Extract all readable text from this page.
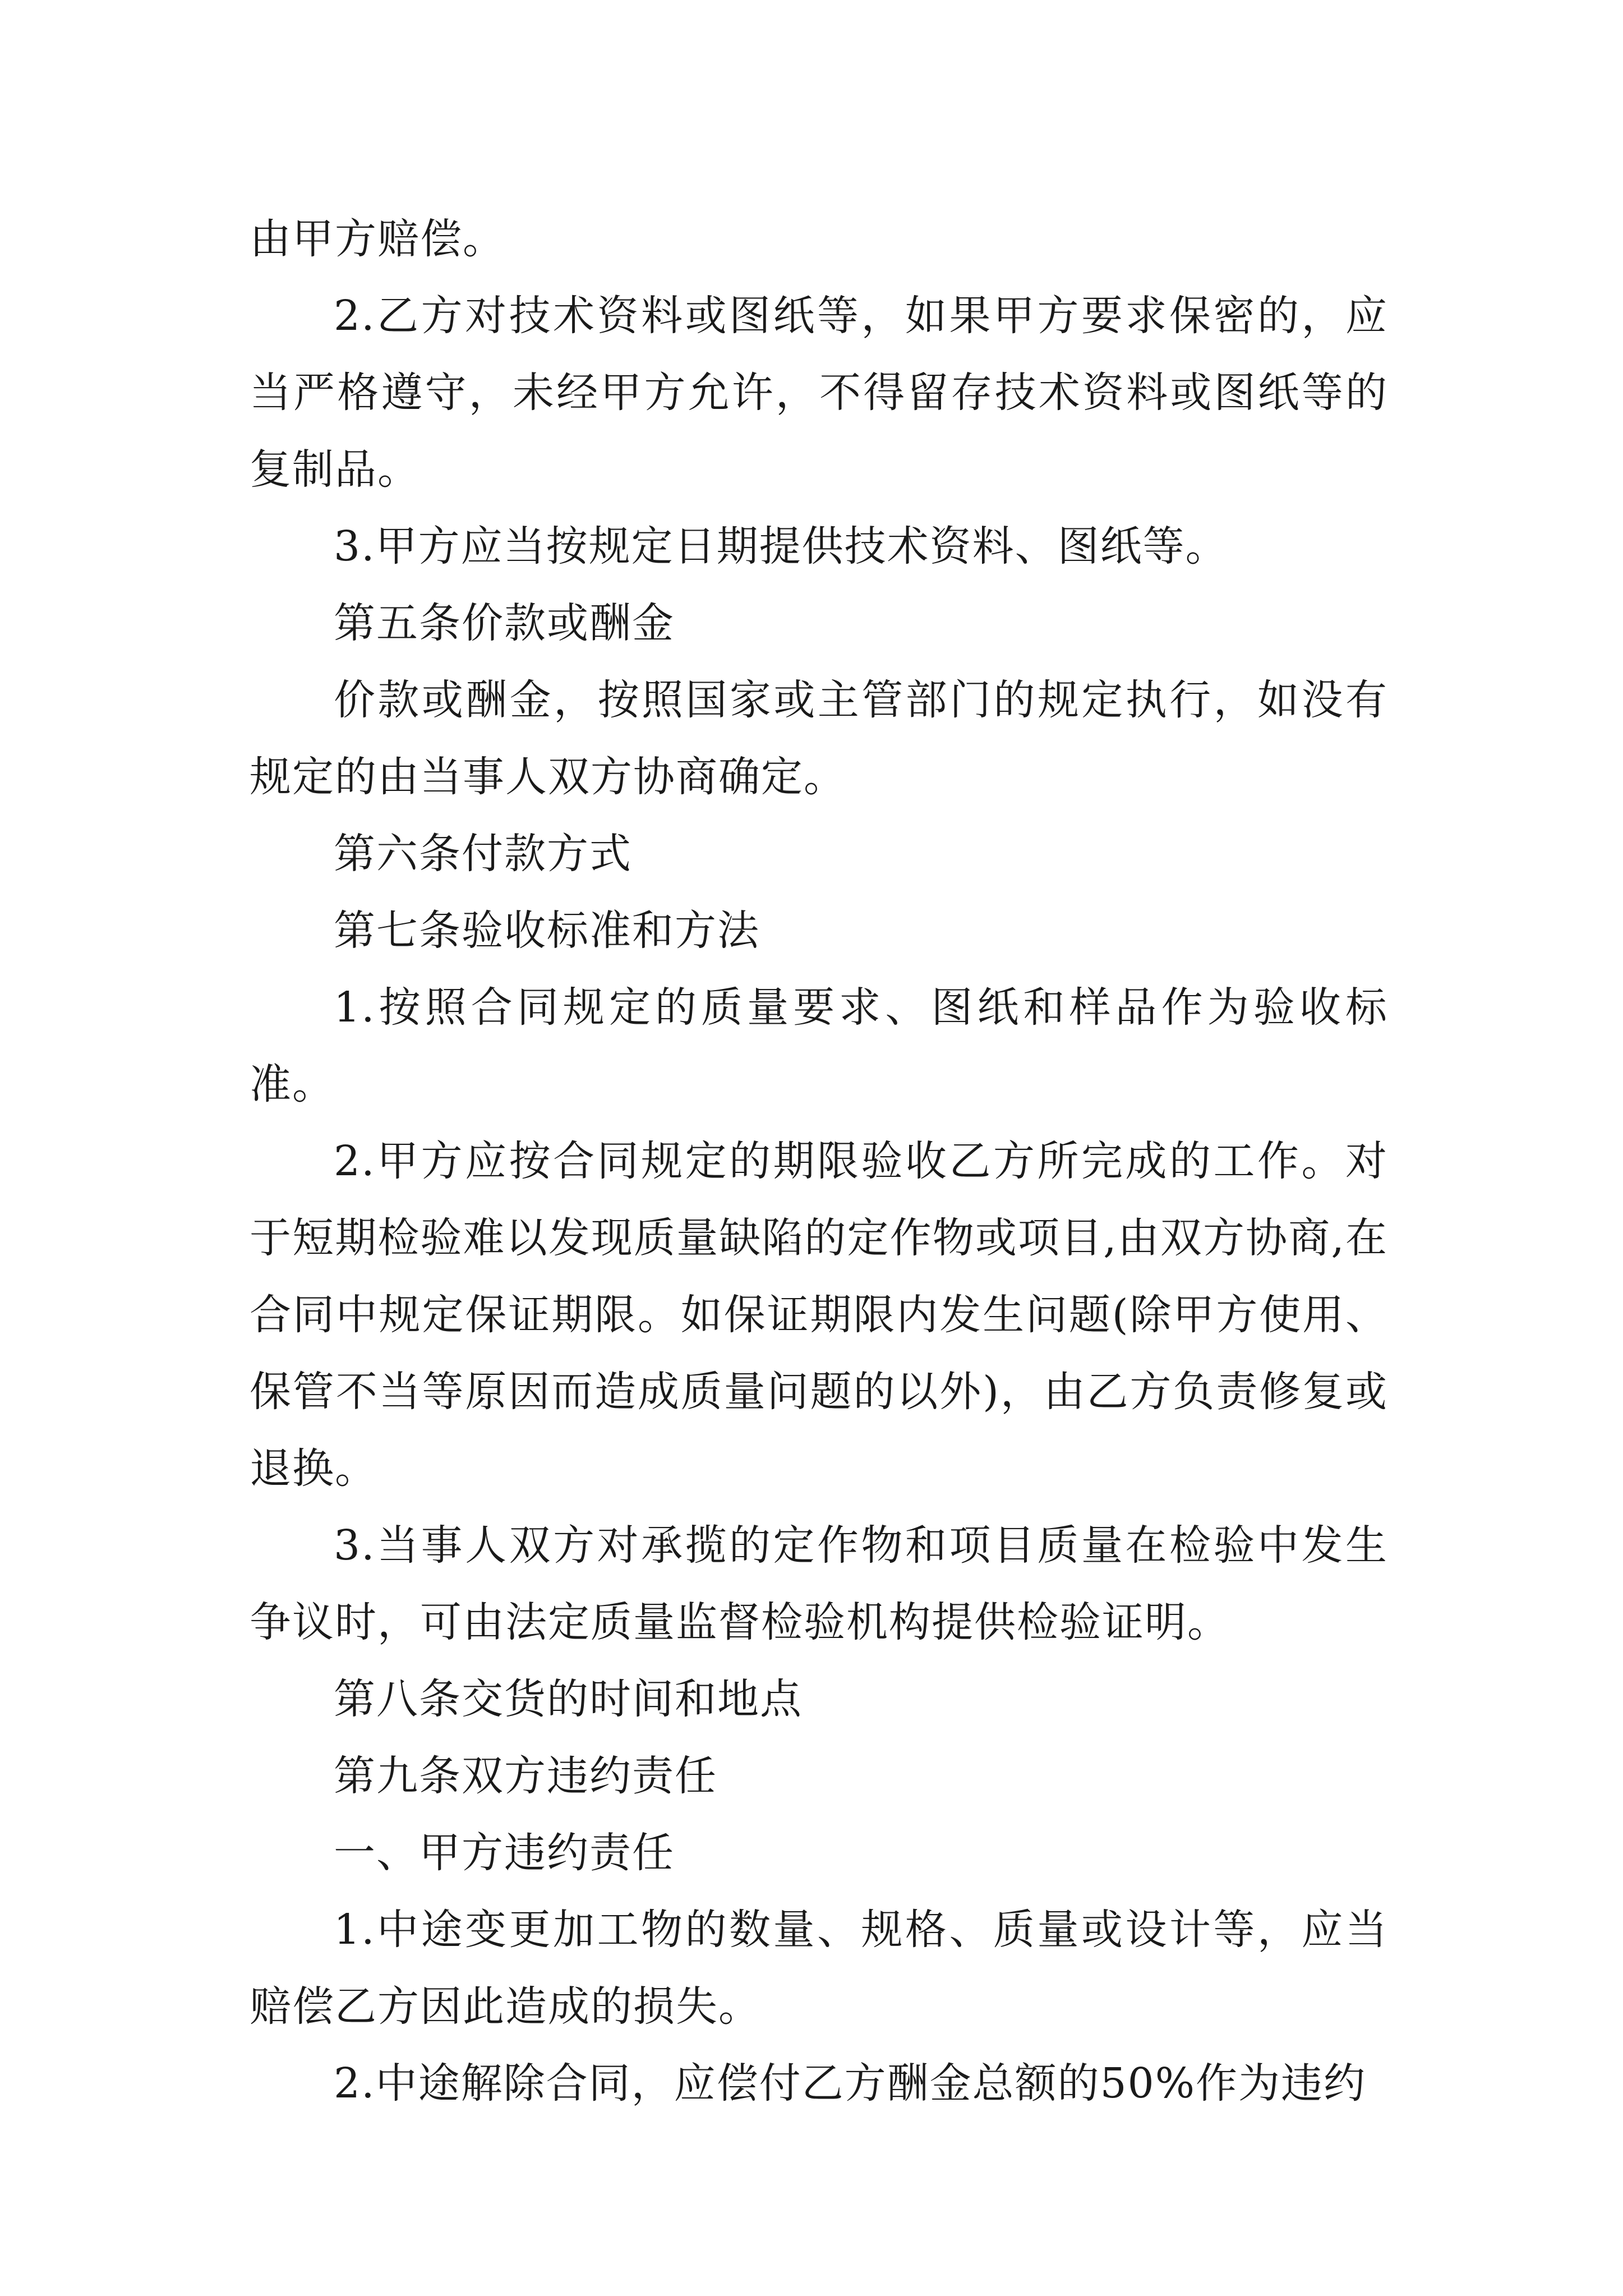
由甲方赔偿。

2.乙方对技术资料或图纸等，如果甲方要求保密的，应当严格遵守，未经甲方允许，不得留存技术资料或图纸等的复制品。

3.甲方应当按规定日期提供技术资料、图纸等。

第五条价款或酬金

价款或酬金，按照国家或主管部门的规定执行，如没有规定的由当事人双方协商确定。

第六条付款方式

第七条验收标准和方法

1.按照合同规定的质量要求、图纸和样品作为验收标准。

2.甲方应按合同规定的期限验收乙方所完成的工作。对于短期检验难以发现质量缺陷的定作物或项目,由双方协商,在合同中规定保证期限。如保证期限内发生问题(除甲方使用、保管不当等原因而造成质量问题的以外)，由乙方负责修复或退换。

3.当事人双方对承揽的定作物和项目质量在检验中发生争议时，可由法定质量监督检验机构提供检验证明。

第八条交货的时间和地点

第九条双方违约责任

一、甲方违约责任

1.中途变更加工物的数量、规格、质量或设计等，应当赔偿乙方因此造成的损失。

2.中途解除合同，应偿付乙方酬金总额的50%作为违约
